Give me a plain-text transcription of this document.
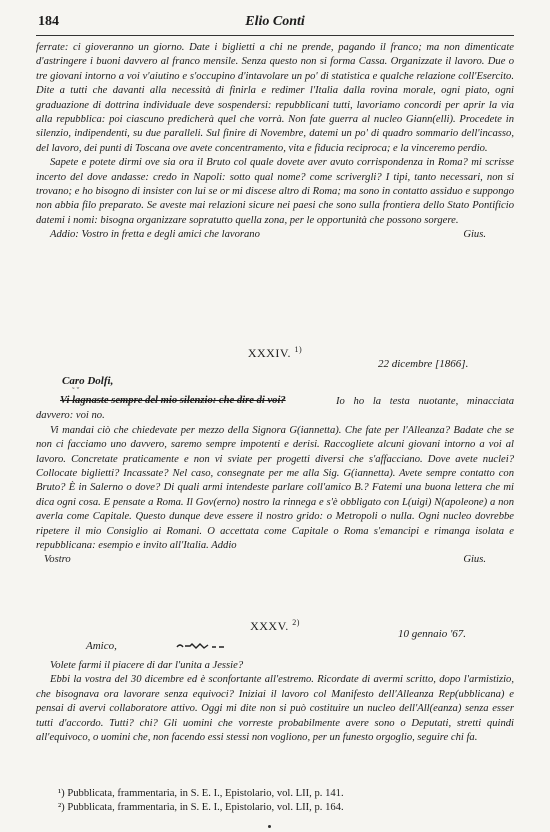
184	Elio Conti

ferrate: ci gioveranno un giorno. Date i biglietti a chi ne prende, pagando il franco; ma non dimenticate d'astringere i buoni davvero al franco mensile. Senza questo non si forma Cassa. Organizzate il lavoro. Due o tre giovani intorno a voi v'aiutino e s'occupino d'intavolare un po' di statistica e qualche relazione coll'Esercito. Dite a tutti che davanti alla necessità di finirla e redimer l'Italia dalla rovina morale, ogni piato, ogni graduazione di dottrina individuale deve sospendersi: repubblicani tutti, lavoriamo concordi per aprir la via alla repubblica: poi ciascuno predicherà quel che vorrà. Non fate guerra al nucleo Giann(elli). Procedete in silenzio, indipendenti, su due paralleli. Sul finire di Novembre, datemi un po' di quadro sommario dell'incasso, del lavoro, dei punti di Toscana ove avete concentramento, vita e fiducia reciproca; e la vinceremo perdio.

Sapete e potete dirmi ove sia ora il Bruto col quale dovete aver avuto corrispondenza in Roma? mi scrisse incerto del dove andasse: credo in Napoli: sotto qual nome? come scrivergli? I tipi, tanto necessari, non si trovano; e ho bisogno di insister con lui se or mi discese altro di Roma; ma sono in contatto assiduo e suppongo non abbia filo preparato. Se aveste mai relazioni sicure nei paesi che sono sulla frontiera dello Stato Pontificio datemi i nomi: bisogna organizzare sopratutto quella zona, per le opportunità che possono sorgere.

Addio: Vostro in fretta e degli amici che lavorano	Gius.
XXXIV. $^{1)}$
22 dicembre [1866].
Caro Dolfi,
˜ ˇ
Vi lagnaste sempre del mio silenzio: che dire di voi?	Io ho la testa nuotante, minacciata davvero: voi no.

Vi mandai ciò che chiedevate per mezzo della Signora G(iannetta). Che fate per l'Alleanza? Badate che se non ci facciamo uno davvero, saremo sempre impotenti e derisi. Raccogliete alcuni giovani intorno a voi al lavoro. Concretate praticamente e non vi sviate per progetti diversi che s'affacciano. Dove avete nuclei? Collocate biglietti? Incassate? Nel caso, consegnate per me alla Sig. G(iannetta). Avete sempre contatto con Bruto? È in Salerno o dove? Di quali armi intendeste parlare coll'amico B.? Fatemi una buona lettera che mi dica ogni cosa. E pensate a Roma. Il Gov(erno) nostro la rinnega e s'è obbligato con L(uigi) N(apoleone) a non averla come Capitale. Questo dunque deve essere il nostro grido: o Metropoli o nulla. Ogni nucleo dovrebbe ripetere il mio Consiglio ai Romani. O accettata come Capitale o Roma s'emancipi e rimanga isolata e repubblicana: esempio e invito all'Italia. Addio

Vostro	Gius.
XXXV. $^{2)}$
10 gennaio '67.
Amico,

Volete farmi il piacere di dar l'unita a Jessie?

Ebbi la vostra del 30 dicembre ed è sconfortante all'estremo. Ricordate di avermi scritto, dopo l'armistizio, che bisognava ora lavorare senza equivoci? Iniziai il lavoro col Manifesto dell'Alleanza Rep(ubblicana) e pensai di avervi collaboratore attivo. Oggi mi dite non si può costituire un nucleo dell'All(eanza) senza esser tutti d'accordo. Tutti? chi? Gli uomini che vorreste probabilmente avere sono o Deputati, stretti quindi all'equivoco, o uomini che, non facendo essi stessi non vogliono, per un funesto orgoglio, seguire chi fa.

¹) Pubblicata, frammentaria, in S. E. I., Epistolario, vol. LII, p. 141.

²) Pubblicata, frammentaria, in S. E. I., Epistolario, vol. LII, p. 164.
